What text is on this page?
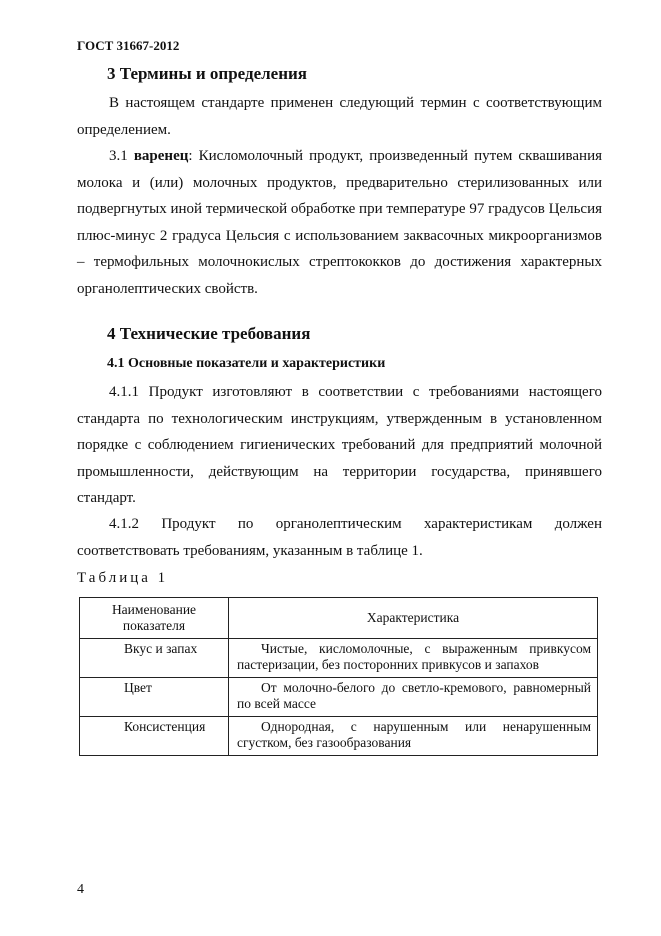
ГОСТ 31667-2012
3 Термины и определения

В настоящем стандарте применен следующий термин с соответствующим определением.

3.1 варенец: Кисломолочный продукт, произведенный путем сквашивания молока и (или) молочных продуктов, предварительно стерилизованных или подвергнутых иной термической обработке при температуре 97 градусов Цельсия плюс-минус 2 градуса Цельсия с использованием заквасочных микроорганизмов – термофильных молочнокислых стрептококков до достижения характерных органолептических свойств.

4 Технические требования
4.1 Основные показатели и характеристики

4.1.1 Продукт изготовляют в соответствии с требованиями настоящего стандарта по технологическим инструкциям, утвержденным в установленном порядке с соблюдением гигиенических требований для предприятий молочной промышленности, действующим на территории государства, принявшего стандарт.

4.1.2 Продукт по органолептическим характеристикам должен соответствовать требованиям, указанным в таблице 1.

Таблица 1
Наименование показателя	Характеристика
Вкус и запах	Чистые, кисломолочные, с выраженным привкусом пастеризации, без посторонних привкусов и запахов
Цвет	От молочно-белого до светло-кремового, равномерный по всей массе
Консистенция	Однородная, с нарушенным или ненарушенным сгустком, без газообразования
4
